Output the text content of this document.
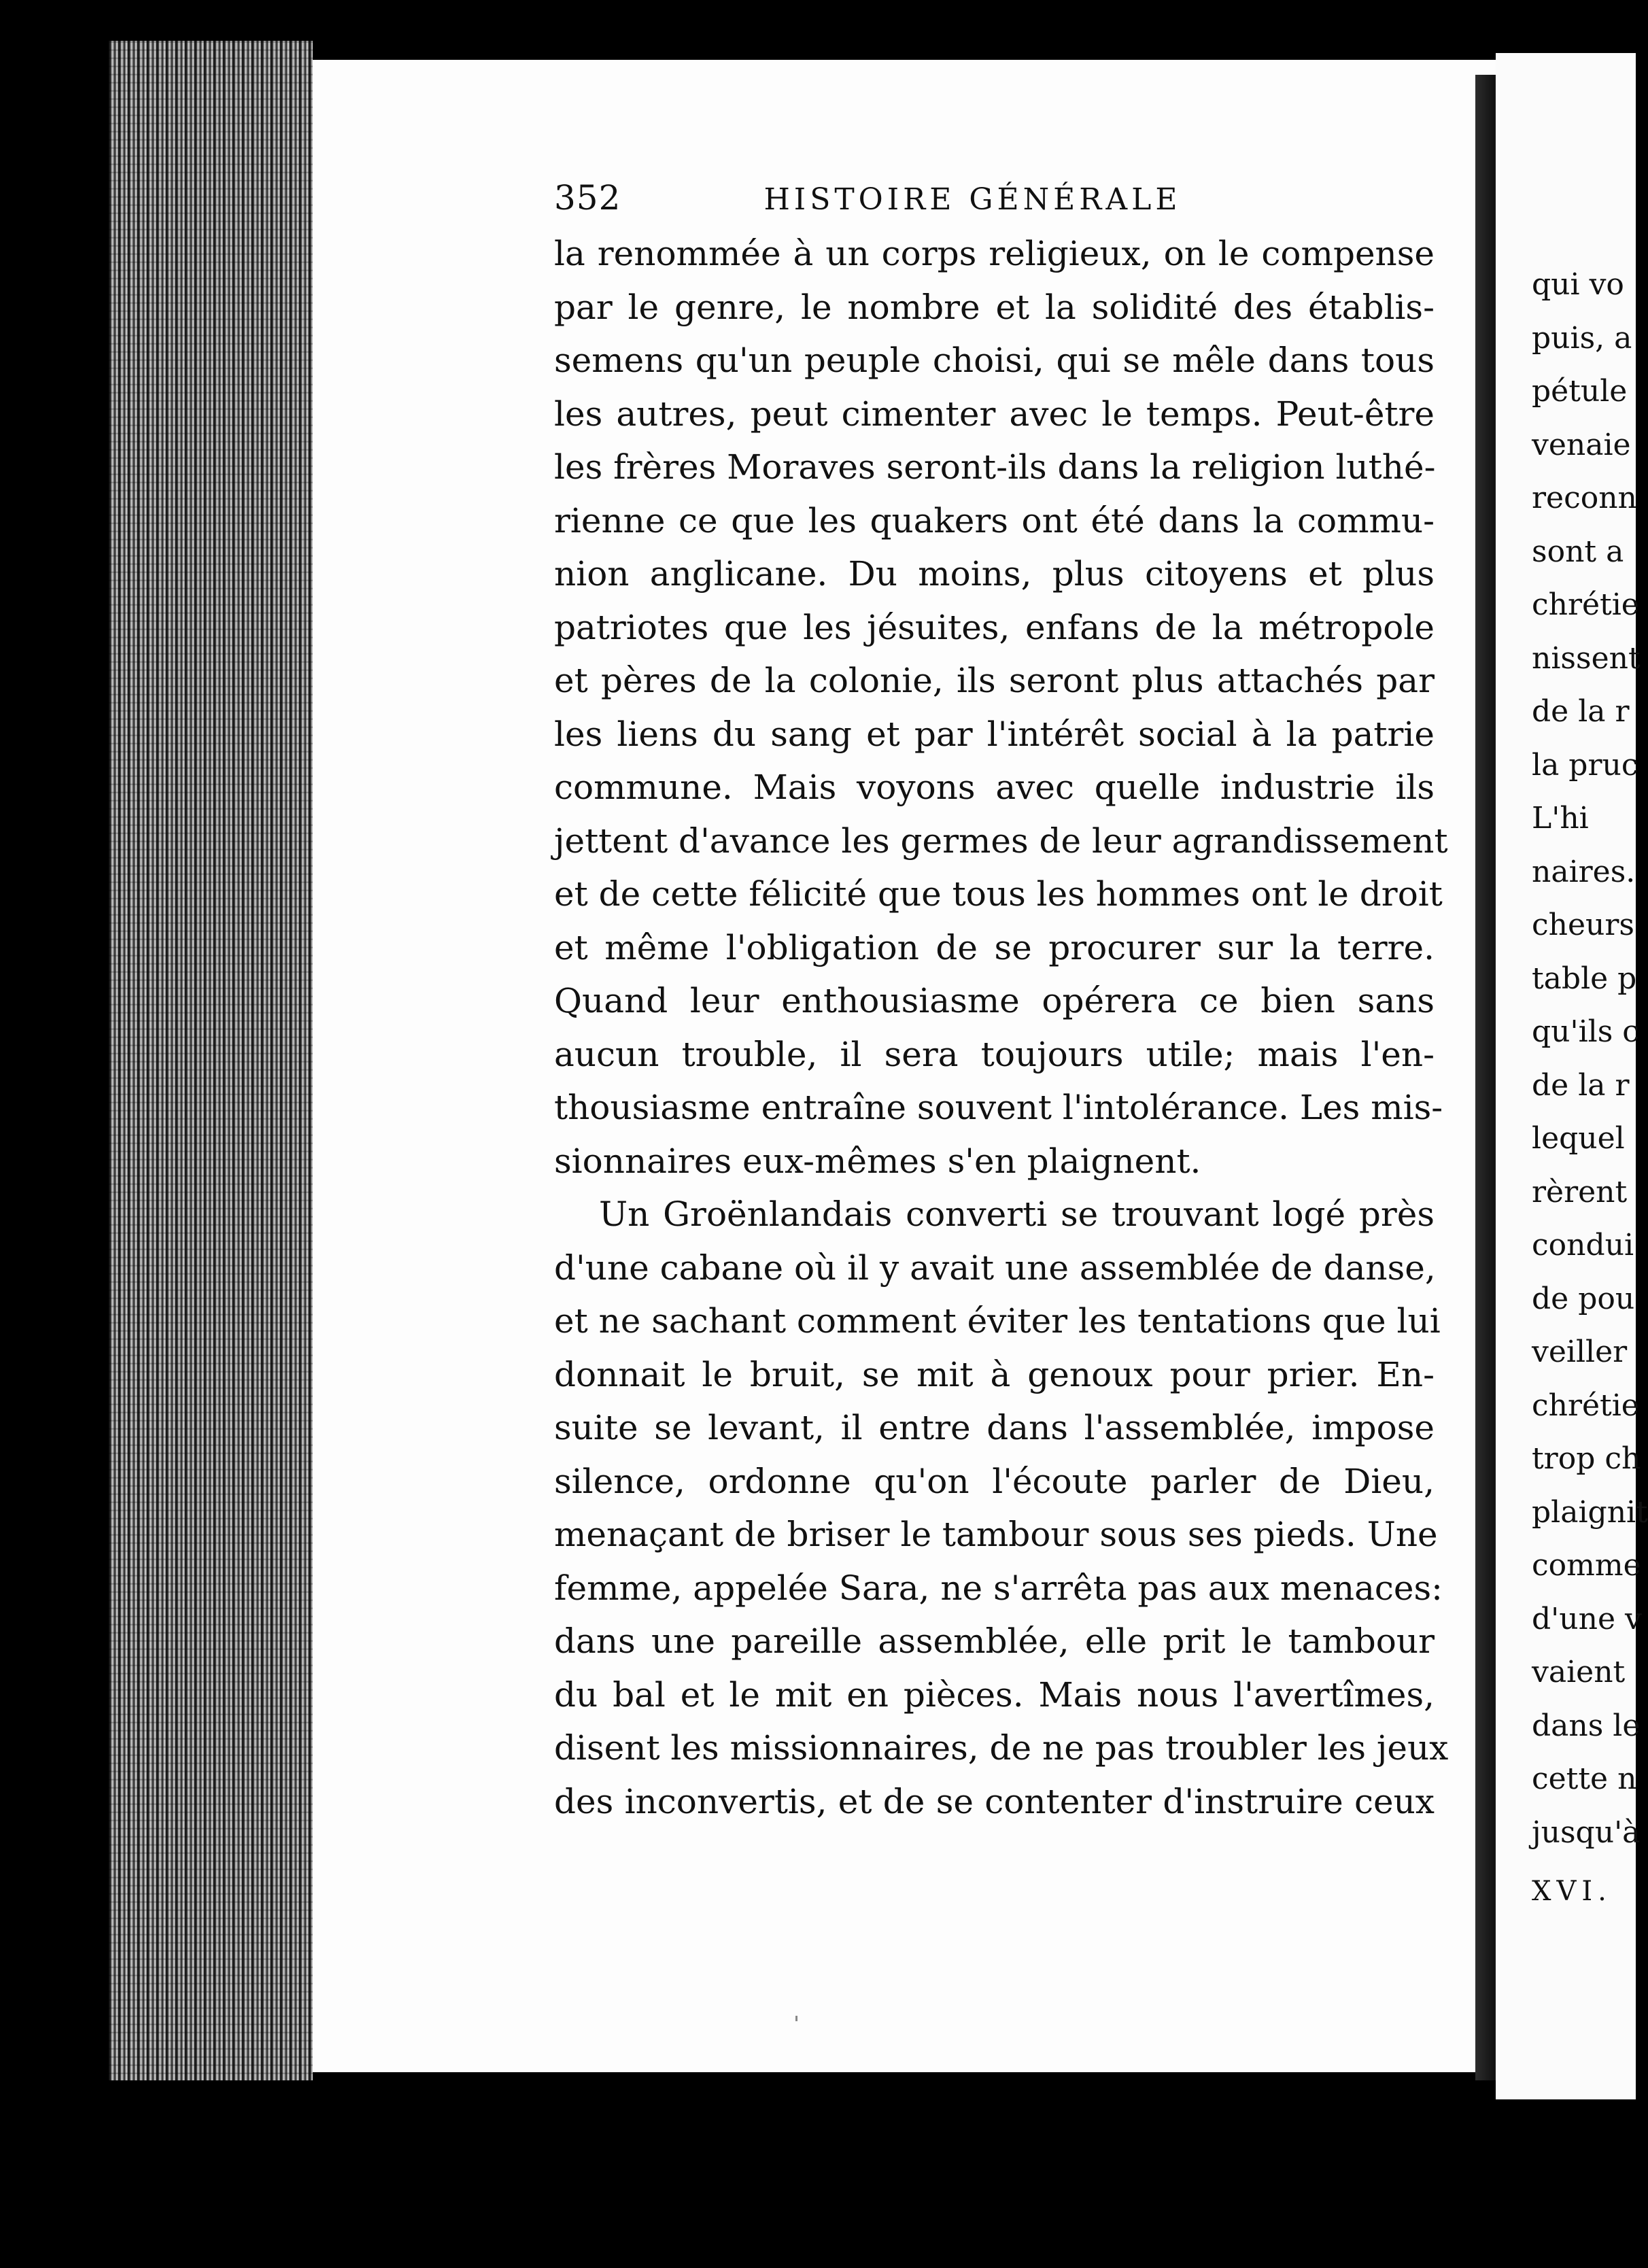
352	HISTOIRE GÉNÉRALE
la renommée à un corps religieux, on le compense
par le genre, le nombre et la solidité des établis-
semens qu'un peuple choisi, qui se mêle dans tous
les autres, peut cimenter avec le temps. Peut-être
les frères Moraves seront-ils dans la religion luthé-
rienne ce que les quakers ont été dans la commu-
nion anglicane. Du moins, plus citoyens et plus
patriotes que les jésuites, enfans de la métropole
et pères de la colonie, ils seront plus attachés par
les liens du sang et par l'intérêt social à la patrie
commune. Mais voyons avec quelle industrie ils
jettent d'avance les germes de leur agrandissement
et de cette félicité que tous les hommes ont le droit
et même l'obligation de se procurer sur la terre.
Quand leur enthousiasme opérera ce bien sans
aucun trouble, il sera toujours utile; mais l'en-
thousiasme entraîne souvent l'intolérance. Les mis-
sionnaires eux-mêmes s'en plaignent.
Un Groënlandais converti se trouvant logé près
d'une cabane où il y avait une assemblée de danse,
et ne sachant comment éviter les tentations que lui
donnait le bruit, se mit à genoux pour prier. En-
suite se levant, il entre dans l'assemblée, impose
silence, ordonne qu'on l'écoute parler de Dieu,
menaçant de briser le tambour sous ses pieds. Une
femme, appelée Sara, ne s'arrêta pas aux menaces:
dans une pareille assemblée, elle prit le tambour
du bal et le mit en pièces. Mais nous l'avertîmes,
disent les missionnaires, de ne pas troubler les jeux
des inconvertis, et de se contenter d'instruire ceux
qui vo
puis, a
pétule
venaie
reconn
sont a
chrétie
nissent
de la r
la pruc
L'hi
naires.
cheurs
table p
qu'ils c
de la r
lequel
rèrent
condui
de pou
veiller
chrétie
trop ch
plaignit
comme
d'une v
vaient
dans le
cette n
jusqu'à
XVI.
